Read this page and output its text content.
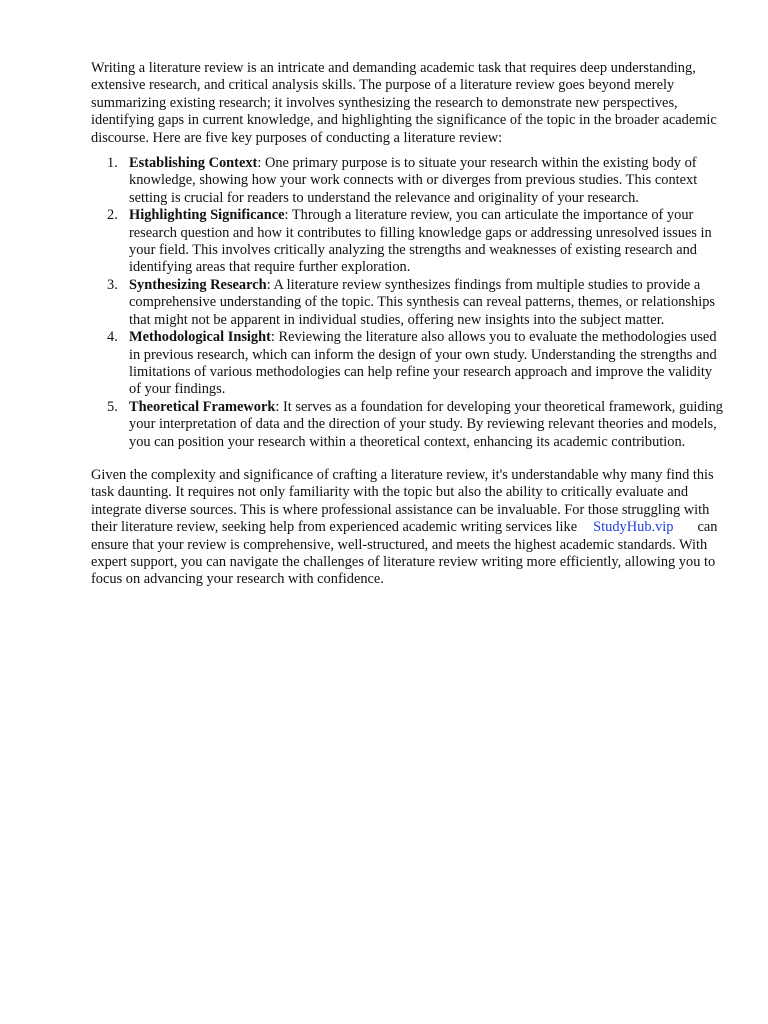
Writing a literature review is an intricate and demanding academic task that requires deep understanding, extensive research, and critical analysis skills. The purpose of a literature review goes beyond merely summarizing existing research; it involves synthesizing the research to demonstrate new perspectives, identifying gaps in current knowledge, and highlighting the significance of the topic in the broader academic discourse. Here are five key purposes of conducting a literature review:

1. Establishing Context: One primary purpose is to situate your research within the existing body of knowledge, showing how your work connects with or diverges from previous studies. This context setting is crucial for readers to understand the relevance and originality of your research.
2. Highlighting Significance: Through a literature review, you can articulate the importance of your research question and how it contributes to filling knowledge gaps or addressing unresolved issues in your field. This involves critically analyzing the strengths and weaknesses of existing research and identifying areas that require further exploration.
3. Synthesizing Research: A literature review synthesizes findings from multiple studies to provide a comprehensive understanding of the topic. This synthesis can reveal patterns, themes, or relationships that might not be apparent in individual studies, offering new insights into the subject matter.
4. Methodological Insight: Reviewing the literature also allows you to evaluate the methodologies used in previous research, which can inform the design of your own study. Understanding the strengths and limitations of various methodologies can help refine your research approach and improve the validity of your findings.
5. Theoretical Framework: It serves as a foundation for developing your theoretical framework, guiding your interpretation of data and the direction of your study. By reviewing relevant theories and models, you can position your research within a theoretical context, enhancing its academic contribution.

Given the complexity and significance of crafting a literature review, it's understandable why many find this task daunting. It requires not only familiarity with the topic but also the ability to critically evaluate and integrate diverse sources. This is where professional assistance can be invaluable. For those struggling with their literature review, seeking help from experienced academic writing services like StudyHub.vip can ensure that your review is comprehensive, well-structured, and meets the highest academic standards. With expert support, you can navigate the challenges of literature review writing more efficiently, allowing you to focus on advancing your research with confidence.
